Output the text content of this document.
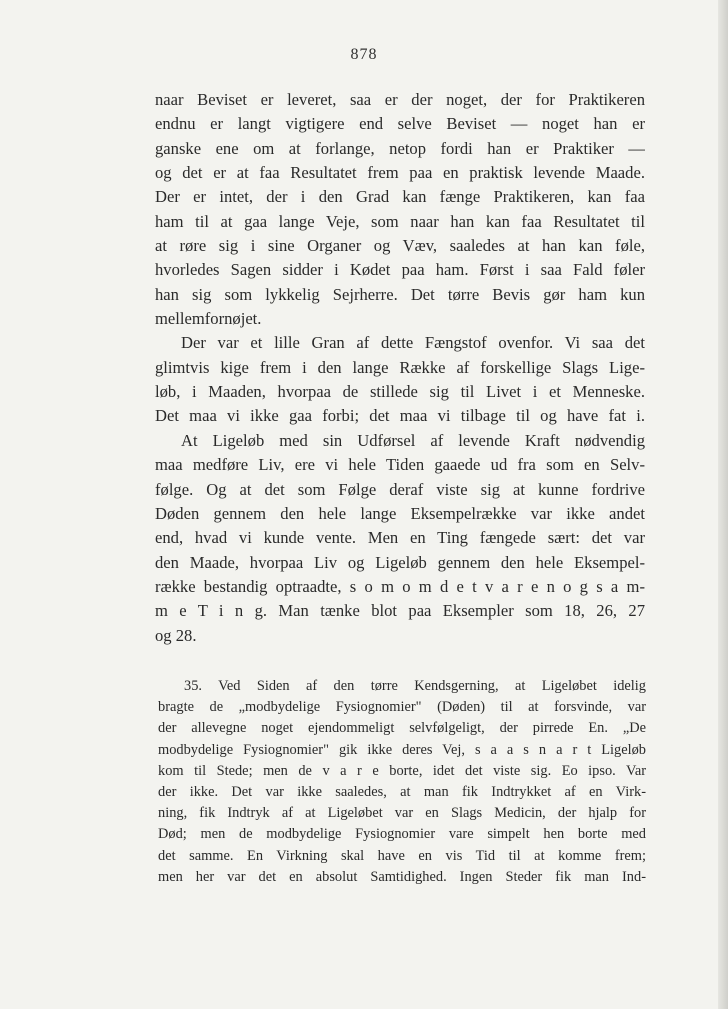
878
naar Beviset er leveret, saa er der noget, der for Praktikeren
endnu er langt vigtigere end selve Beviset — noget han er
ganske ene om at forlange, netop fordi han er Praktiker —
og det er at faa Resultatet frem paa en praktisk levende Maade.
Der er intet, der i den Grad kan fænge Praktikeren, kan faa
ham til at gaa lange Veje, som naar han kan faa Resultatet til
at røre sig i sine Organer og Væv, saaledes at han kan føle,
hvorledes Sagen sidder i Kødet paa ham. Først i saa Fald føler
han sig som lykkelig Sejrherre. Det tørre Bevis gør ham kun
mellemfornøjet.
Der var et lille Gran af dette Fængstof ovenfor. Vi saa det
glimtvis kige frem i den lange Række af forskellige Slags Lige-
løb, i Maaden, hvorpaa de stillede sig til Livet i et Menneske.
Det maa vi ikke gaa forbi; det maa vi tilbage til og have fat i.
At Ligeløb med sin Udførsel af levende Kraft nødvendig
maa medføre Liv, ere vi hele Tiden gaaede ud fra som en Selv-
følge. Og at det som Følge deraf viste sig at kunne fordrive
Døden gennem den hele lange Eksempelrække var ikke andet
end, hvad vi kunde vente. Men en Ting fængede sært: det var
den Maade, hvorpaa Liv og Ligeløb gennem den hele Eksempel-
række bestandig optraadte, s o m o m d e t v a r e n o g s a m-
m e T i n g. Man tænke blot paa Eksempler som 18, 26, 27
og 28.
35. Ved Siden af den tørre Kendsgerning, at Ligeløbet idelig
bragte de „modbydelige Fysiognomier" (Døden) til at forsvinde, var
der allevegne noget ejendommeligt selvfølgeligt, der pirrede En. „De
modbydelige Fysiognomier" gik ikke deres Vej, s a a s n a r t Ligeløb
kom til Stede; men de v a r e borte, idet det viste sig. Eo ipso. Var
der ikke. Det var ikke saaledes, at man fik Indtrykket af en Virk-
ning, fik Indtryk af at Ligeløbet var en Slags Medicin, der hjalp for
Død; men de modbydelige Fysiognomier vare simpelt hen borte med
det samme. En Virkning skal have en vis Tid til at komme frem;
men her var det en absolut Samtidighed. Ingen Steder fik man Ind-
